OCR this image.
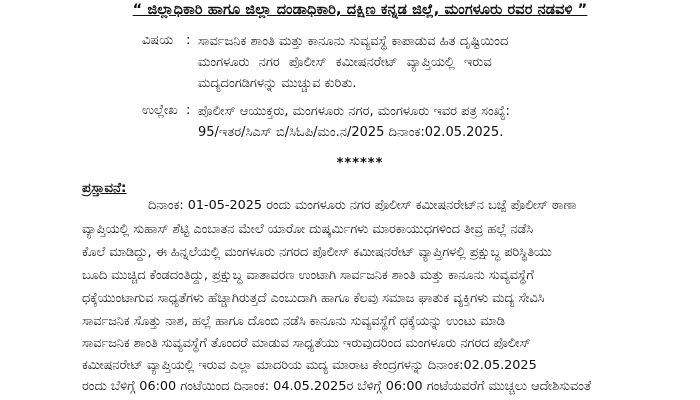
“ ಜಿಲ್ಲಾಧಿಕಾರಿ ಹಾಗೂ ಜಿಲ್ಲಾ ದಂಡಾಧಿಕಾರಿ, ದಕ್ಷಿಣ ಕನ್ನಡ ಜಿಲ್ಲೆ, ಮಂಗಳೂರು ರವರ ನಡವಳಿ ”
ವಿಷಯ : ಸಾರ್ವಜನಿಕ ಶಾಂತಿ ಮತ್ತು ಕಾನೂನು ಸುವ್ಯವಸ್ಥೆ ಕಾಪಾಡುವ ಹಿತ ದೃಷ್ಟಿಯಿಂದ
ಮಂಗಳೂರು ನಗರ ಪೊಲೀಸ್ ಕಮೀಷನರೇಟ್ ವ್ಯಾಪ್ತಿಯಲ್ಲಿ ಇರುವ
ಮದ್ಯದಂಗಡಿಗಳನ್ನು ಮುಚ್ಚುವ ಕುರಿತು.
ಉಲ್ಲೇಖ : ಪೊಲೀಸ್ ಆಯುಕ್ತರು, ಮಂಗಳೂರು ನಗರ, ಮಂಗಳೂರು ಇವರ ಪತ್ರ ಸಂಖ್ಯೆ:
95/ಇತರ/ಸಿಎಸ್ ಬಿ/ಸಿಓಪಿ/ಮಂ.ನ/2025 ದಿನಾಂಕ:02.05.2025.
******
ಪ್ರಸ್ತಾವನೆ:
ದಿನಾಂಕ: 01-05-2025 ರಂದು ಮಂಗಳೂರು ನಗರ ಪೊಲೀಸ್ ಕಮೀಷನರೇಟ್‌ನ ಬಜ್ಪೆ ಪೊಲೀಸ್ ಠಾಣಾ
ವ್ಯಾಪ್ತಿಯಲ್ಲಿ ಸುಹಾಸ್ ಶೆಟ್ಟಿ ಎಂಬಾತನ ಮೇಲೆ ಯಾರೋ ದುಷ್ಕರ್ಮಿಗಳು ಮಾರಕಾಯುಧಗಳಿಂದ ತೀವ್ರ ಹಲ್ಲೆ ನಡೆಸಿ
ಕೊಲೆ ಮಾಡಿದ್ದು, ಈ ಹಿನ್ನಲೆಯಲ್ಲಿ ಮಂಗಳೂರು ನಗರದ ಪೊಲೀಸ್ ಕಮೀಷನರೇಟ್ ವ್ಯಾಪ್ತಿಗಳಲ್ಲಿ ಪ್ರಕ್ಷುಬ್ಧ ಪರಿಸ್ಥಿತಿಯು
ಬೂದಿ ಮುಚ್ಚಿದ ಕೆಂಡದಂತಿದ್ದು, ಪ್ರಕ್ಷುಬ್ಧ ವಾತಾವರಣ ಉಂಟಾಗಿ ಸಾರ್ವಜನಿಕ ಶಾಂತಿ ಮತ್ತು ಕಾನೂನು ಸುವ್ಯವಸ್ಥೆಗೆ
ಧಕ್ಕೆಯುಂಟಾಗುವ ಸಾಧ್ಯತೆಗಳು ಹೆಚ್ಚಾಗಿರುತ್ತದೆ ಎಂಬುದಾಗಿ ಹಾಗೂ ಕೆಲವು ಸಮಾಜ ಘಾತುಕ ವ್ಯಕ್ತಿಗಳು ಮದ್ಯ ಸೇವಿಸಿ
ಸಾರ್ವಜನಿಕ ಸೊತ್ತು ನಾಶ, ಹಲ್ಲೆ ಹಾಗೂ ದೊಂಬಿ ನಡೆಸಿ ಕಾನೂನು ಸುವ್ಯವಸ್ಥೆಗೆ ಧಕ್ಕೆಯನ್ನು ಉಂಟು ಮಾಡಿ
ಸಾರ್ವಜನಿಕ ಶಾಂತಿ ಸುವ್ಯವಸ್ಥೆಗೆ ತೊಂದರೆ ಮಾಡುವ ಸಾಧ್ಯತೆಯು ಇರುವುದರಿಂದ ಮಂಗಳೂರು ನಗರದ ಪೊಲೀಸ್
ಕಮೀಷನರೇಟ್ ವ್ಯಾಪ್ತಿಯಲ್ಲಿ ಇರುವ ಎಲ್ಲಾ ಮಾದರಿಯ ಮದ್ಯ ಮಾರಾಟ ಕೇಂದ್ರಗಳನ್ನು ದಿನಾಂಕ:02.05.2025
ರಂದು ಬೆಳಿಗ್ಗೆ 06:00 ಗಂಟೆಯಿಂದ ದಿನಾಂಕ: 04.05.2025ರ ಬೆಳಿಗ್ಗೆ 06:00 ಗಂಟೆಯವರೆಗೆ ಮುಚ್ಚಲು ಆದೇಶಿಸುವಂತೆ
